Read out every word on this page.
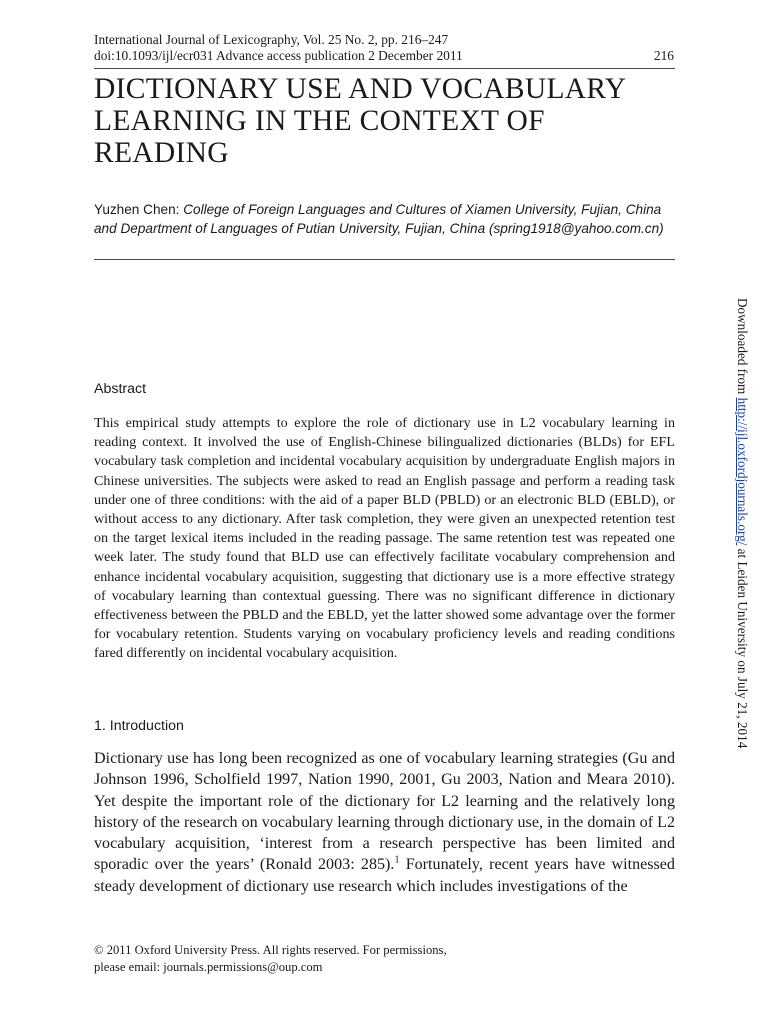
International Journal of Lexicography, Vol. 25 No. 2, pp. 216–247
doi:10.1093/ijl/ecr031 Advance access publication 2 December 2011	216
DICTIONARY USE AND VOCABULARY LEARNING IN THE CONTEXT OF READING
Yuzhen Chen: College of Foreign Languages and Cultures of Xiamen University, Fujian, China and Department of Languages of Putian University, Fujian, China (spring1918@yahoo.com.cn)
Abstract

This empirical study attempts to explore the role of dictionary use in L2 vocabulary learning in reading context. It involved the use of English-Chinese bilingualized dictionaries (BLDs) for EFL vocabulary task completion and incidental vocabulary acquisition by undergraduate English majors in Chinese universities. The subjects were asked to read an English passage and perform a reading task under one of three conditions: with the aid of a paper BLD (PBLD) or an electronic BLD (EBLD), or without access to any dictionary. After task completion, they were given an unexpected retention test on the target lexical items included in the reading passage. The same retention test was repeated one week later. The study found that BLD use can effectively facilitate vocabulary comprehension and enhance incidental vocabulary acquisition, suggesting that dictionary use is a more effective strategy of vocabulary learning than contextual guessing. There was no significant difference in dictionary effectiveness between the PBLD and the EBLD, yet the latter showed some advantage over the former for vocabulary retention. Students varying on vocabulary proficiency levels and reading conditions fared differently on incidental vocabulary acquisition.

1. Introduction

Dictionary use has long been recognized as one of vocabulary learning strategies (Gu and Johnson 1996, Scholfield 1997, Nation 1990, 2001, Gu 2003, Nation and Meara 2010). Yet despite the important role of the dictionary for L2 learning and the relatively long history of the research on vocabulary learning through dictionary use, in the domain of L2 vocabulary acquisition, ‘interest from a research perspective has been limited and sporadic over the years’ (Ronald 2003: 285).$^1$ Fortunately, recent years have witnessed steady development of dictionary use research which includes investigations of the

© 2011 Oxford University Press. All rights reserved. For permissions,
please email: journals.permissions@oup.com
Downloaded from http://ijl.oxfordjournals.org/ at Leiden University on July 21, 2014
